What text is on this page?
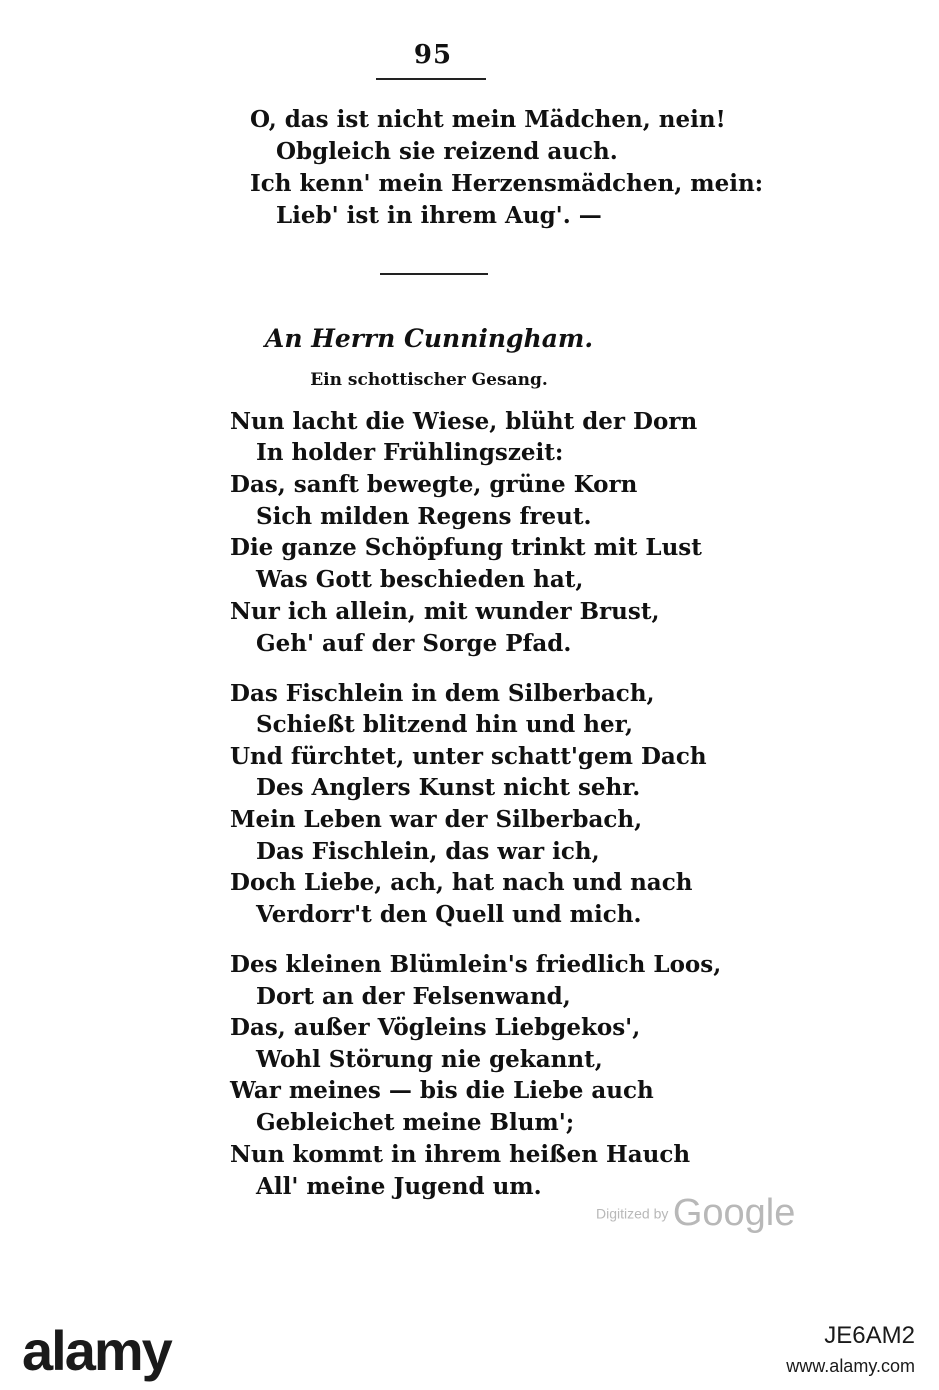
95
O, das ist nicht mein Mädchen, nein!
Obgleich sie reizend auch.
Ich kenn' mein Herzensmädchen, mein:
Lieb' ist in ihrem Aug'. —
An Herrn Cunningham.
Ein schottischer Gesang.
Nun lacht die Wiese, blüht der Dorn
In holder Frühlingszeit:
Das, sanft bewegte, grüne Korn
Sich milden Regens freut.
Die ganze Schöpfung trinkt mit Lust
Was Gott beschieden hat,
Nur ich allein, mit wunder Brust,
Geh' auf der Sorge Pfad.
Das Fischlein in dem Silberbach,
Schießt blitzend hin und her,
Und fürchtet, unter schatt'gem Dach
Des Anglers Kunst nicht sehr.
Mein Leben war der Silberbach,
Das Fischlein, das war ich,
Doch Liebe, ach, hat nach und nach
Verdorr't den Quell und mich.
Des kleinen Blümlein's friedlich Loos,
Dort an der Felsenwand,
Das, außer Vögleins Liebgekos',
Wohl Störung nie gekannt,
War meines — bis die Liebe auch
Gebleichet meine Blum';
Nun kommt in ihrem heißen Hauch
All' meine Jugend um.
Digitized by Google
alamy	JE6AM2
www.alamy.com
